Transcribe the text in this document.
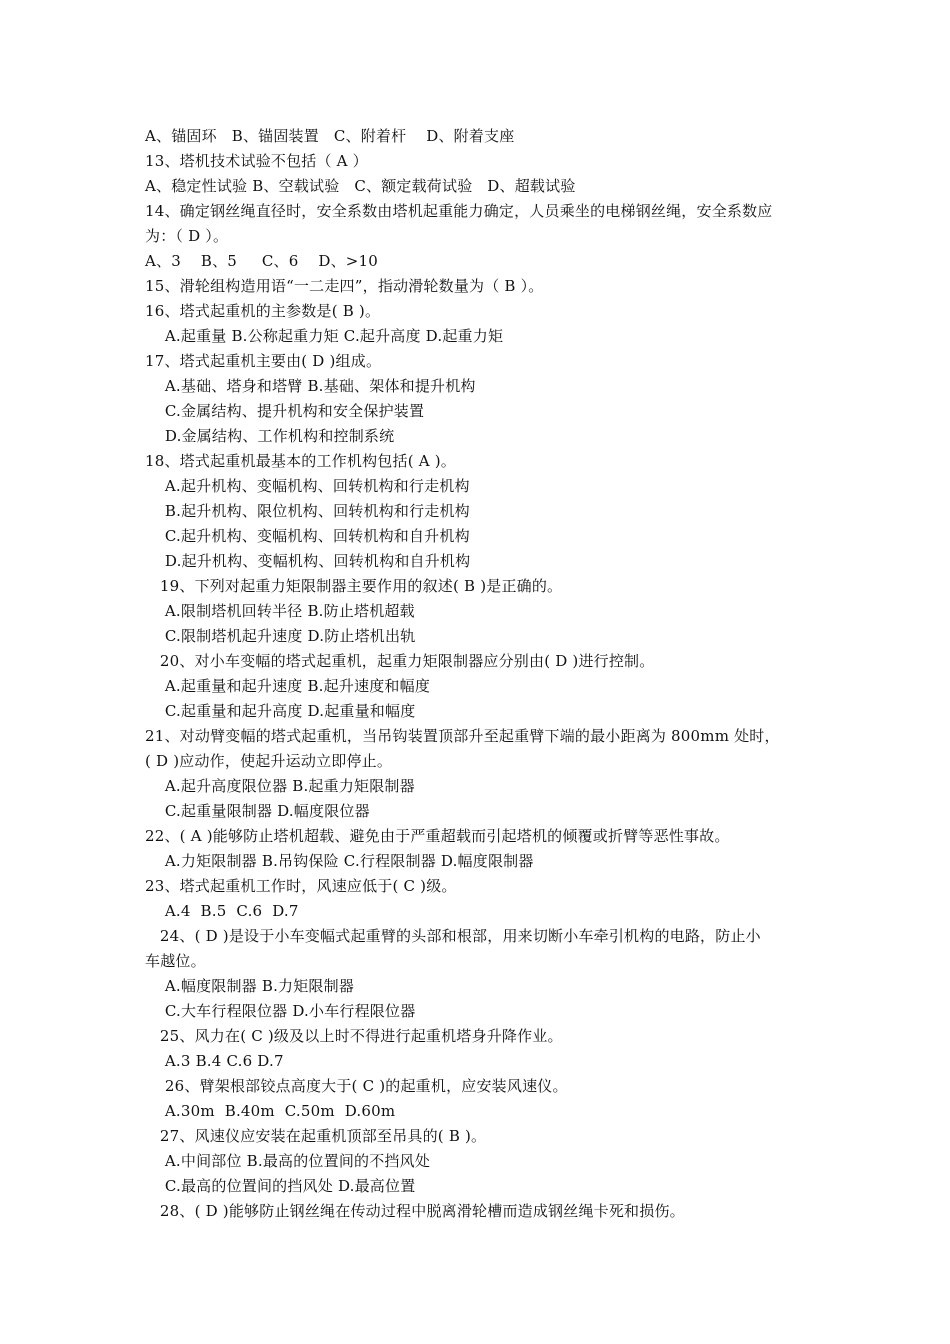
A、锚固环   B、锚固装置   C、附着杆    D、附着支座
13、塔机技术试验不包括（ A ）
A、稳定性试验 B、空载试验   C、额定载荷试验   D、超载试验
14、确定钢丝绳直径时，安全系数由塔机起重能力确定，人员乘坐的电梯钢丝绳，安全系数应
为：（ D ）。
A、3    B、5     C、6    D、>10
15、滑轮组构造用语“一二走四”，指动滑轮数量为（ B ）。
16、塔式起重机的主参数是( B )。
A.起重量 B.公称起重力矩 C.起升高度 D.起重力矩
17、塔式起重机主要由( D )组成。
A.基础、塔身和塔臂 B.基础、架体和提升机构
C.金属结构、提升机构和安全保护装置
D.金属结构、工作机构和控制系统
18、塔式起重机最基本的工作机构包括( A )。
A.起升机构、变幅机构、回转机构和行走机构
B.起升机构、限位机构、回转机构和行走机构
C.起升机构、变幅机构、回转机构和自升机构
D.起升机构、变幅机构、回转机构和自升机构
19、下列对起重力矩限制器主要作用的叙述( B )是正确的。
A.限制塔机回转半径 B.防止塔机超载
C.限制塔机起升速度 D.防止塔机出轨
20、对小车变幅的塔式起重机，起重力矩限制器应分别由( D )进行控制。
A.起重量和起升速度 B.起升速度和幅度
C.起重量和起升高度 D.起重量和幅度
21、对动臂变幅的塔式起重机，当吊钩装置顶部升至起重臂下端的最小距离为 800mm 处时，
( D )应动作，使起升运动立即停止。
A.起升高度限位器 B.起重力矩限制器
C.起重量限制器 D.幅度限位器
22、( A )能够防止塔机超载、避免由于严重超载而引起塔机的倾覆或折臂等恶性事故。
A.力矩限制器 B.吊钩保险 C.行程限制器 D.幅度限制器
23、塔式起重机工作时，风速应低于( C )级。
A.4  B.5  C.6  D.7
24、( D )是设于小车变幅式起重臂的头部和根部，用来切断小车牵引机构的电路，防止小
车越位。
A.幅度限制器 B.力矩限制器
C.大车行程限位器 D.小车行程限位器
25、风力在( C )级及以上时不得进行起重机塔身升降作业。
A.3 B.4 C.6 D.7
26、臂架根部铰点高度大于( C )的起重机，应安装风速仪。
A.30m  B.40m  C.50m  D.60m
27、风速仪应安装在起重机顶部至吊具的( B )。
A.中间部位 B.最高的位置间的不挡风处
C.最高的位置间的挡风处 D.最高位置
28、( D )能够防止钢丝绳在传动过程中脱离滑轮槽而造成钢丝绳卡死和损伤。
